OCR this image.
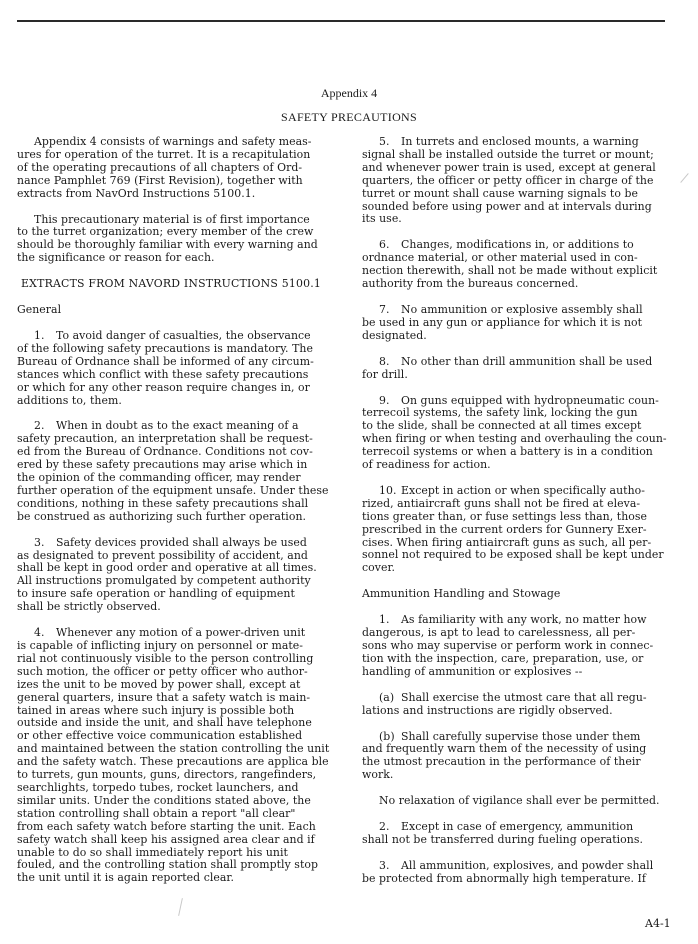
Appendix 4
SAFETY PRECAUTIONS

Appendix 4 consists of warnings and safety meas-
ures for operation of the turret. It is a recapitulation
of the operating precautions of all chapters of Ord-
nance Pamphlet 769 (First Revision), together with
extracts from NavOrd Instructions 5100.1.

This precautionary material is of first importance
to the turret organization; every member of the crew
should be thoroughly familiar with every warning and
the significance or reason for each.

EXTRACTS FROM NAVORD INSTRUCTIONS 5100.1
General

1. To avoid danger of casualties, the observance
of the following safety precautions is mandatory. The
Bureau of Ordnance shall be informed of any circum-
stances which conflict with these safety precautions
or which for any other reason require changes in, or
additions to, them.

2. When in doubt as to the exact meaning of a
safety precaution, an interpretation shall be request-
ed from the Bureau of Ordnance. Conditions not cov-
ered by these safety precautions may arise which in
the opinion of the commanding officer, may render
further operation of the equipment unsafe. Under these
conditions, nothing in these safety precautions shall
be construed as authorizing such further operation.

3. Safety devices provided shall always be used
as designated to prevent possibility of accident, and
shall be kept in good order and operative at all times.
All instructions promulgated by competent authority
to insure safe operation or handling of equipment
shall be strictly observed.

4. Whenever any motion of a power-driven unit
is capable of inflicting injury on personnel or mate-
rial not continuously visible to the person controlling
such motion, the officer or petty officer who author-
izes the unit to be moved by power shall, except at
general quarters, insure that a safety watch is main-
tained in areas where such injury is possible both
outside and inside the unit, and shall have telephone
or other effective voice communication established
and maintained between the station controlling the unit
and the safety watch. These precautions are applica ble
to turrets, gun mounts, guns, directors, rangefinders,
searchlights, torpedo tubes, rocket launchers, and
similar units. Under the conditions stated above, the
station controlling shall obtain a report "all clear"
from each safety watch before starting the unit. Each
safety watch shall keep his assigned area clear and if
unable to do so shall immediately report his unit
fouled, and the controlling station shall promptly stop
the unit until it is again reported clear.

5. In turrets and enclosed mounts, a warning
signal shall be installed outside the turret or mount;
and whenever power train is used, except at general
quarters, the officer or petty officer in charge of the
turret or mount shall cause warning signals to be
sounded before using power and at intervals during
its use.

6. Changes, modifications in, or additions to
ordnance material, or other material used in con-
nection therewith, shall not be made without explicit
authority from the bureaus concerned.

7. No ammunition or explosive assembly shall
be used in any gun or appliance for which it is not
designated.

8. No other than drill ammunition shall be used
for drill.

9. On guns equipped with hydropneumatic coun-
terrecoil systems, the safety link, locking the gun
to the slide, shall be connected at all times except
when firing or when testing and overhauling the coun-
terrecoil systems or when a battery is in a condition
of readiness for action.

10. Except in action or when specifically autho-
rized, antiaircraft guns shall not be fired at eleva-
tions greater than, or fuse settings less than, those
prescribed in the current orders for Gunnery Exer-
cises. When firing antiaircraft guns as such, all per-
sonnel not required to be exposed shall be kept under
cover.

Ammunition Handling and Stowage

1. As familiarity with any work, no matter how
dangerous, is apt to lead to carelessness, all per-
sons who may supervise or perform work in connec-
tion with the inspection, care, preparation, use, or
handling of ammunition or explosives --

(a) Shall exercise the utmost care that all regu-
lations and instructions are rigidly observed.

(b) Shall carefully supervise those under them
and frequently warn them of the necessity of using
the utmost precaution in the performance of their
work.

No relaxation of vigilance shall ever be permitted.

2. Except in case of emergency, ammunition
shall not be transferred during fueling operations.

3. All ammunition, explosives, and powder shall
be protected from abnormally high temperature. If

A4-1
